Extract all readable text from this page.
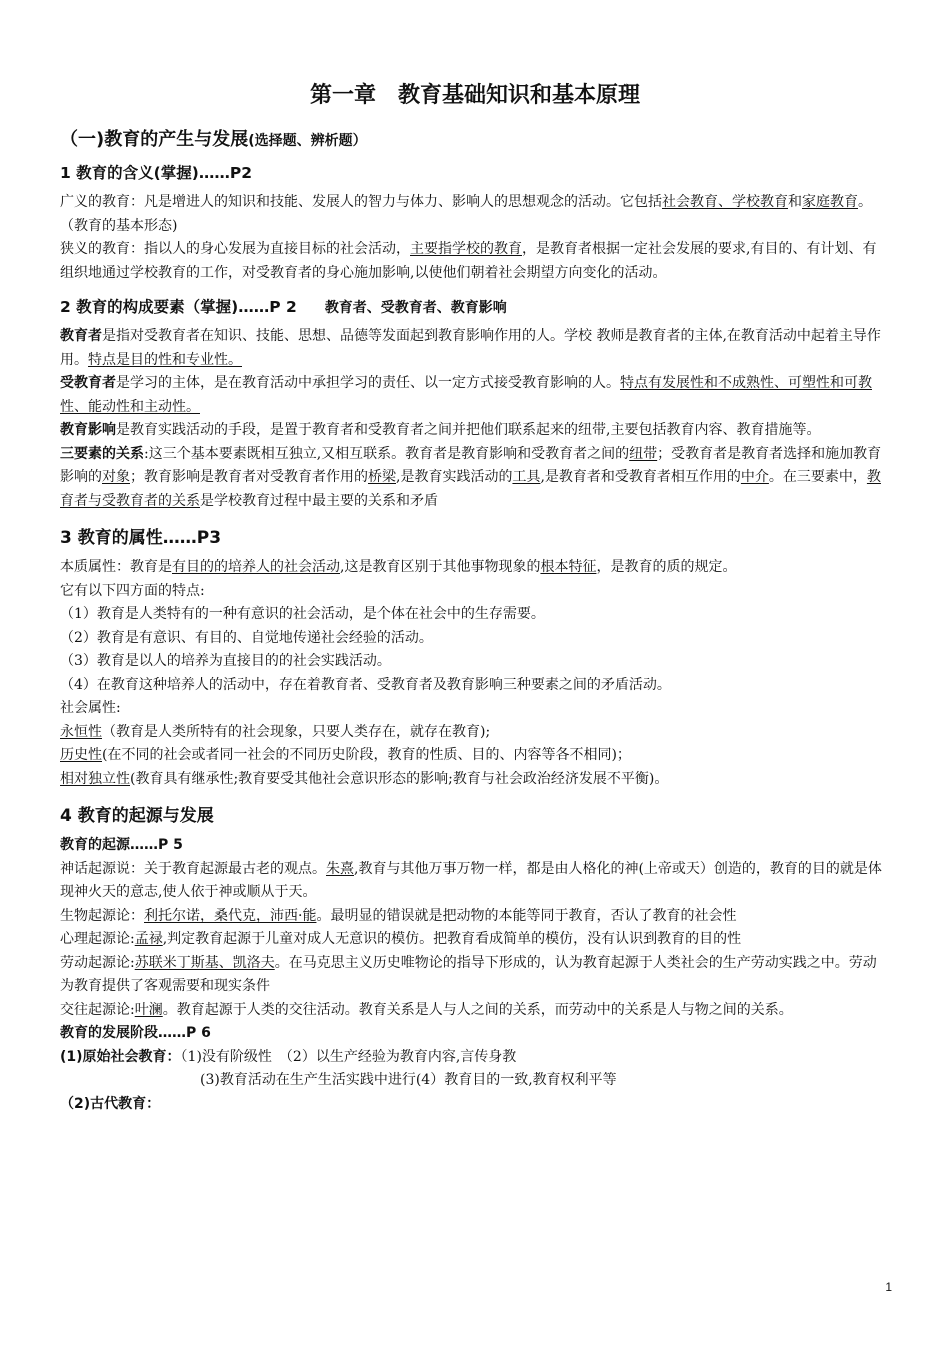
第一章　教育基础知识和基本原理
（一)教育的产生与发展(选择题、辨析题）
1 教育的含义(掌握)……P2

广义的教育：凡是增进人的知识和技能、发展人的智力与体力、影响人的思想观念的活动。它包括社会教育、学校教育和家庭教育。（教育的基本形态)

狭义的教育：指以人的身心发展为直接目标的社会活动，主要指学校的教育，是教育者根据一定社会发展的要求,有目的、有计划、有组织地通过学校教育的工作，对受教育者的身心施加影响,以使他们朝着社会期望方向变化的活动。

2 教育的构成要素（掌握)……P 2 教育者、受教育者、教育影响

教育者是指对受教育者在知识、技能、思想、品德等发面起到教育影响作用的人。学校 教师是教育者的主体,在教育活动中起着主导作用。特点是目的性和专业性。

受教育者是学习的主体，是在教育活动中承担学习的责任、以一定方式接受教育影响的人。特点有发展性和不成熟性、可塑性和可教性、能动性和主动性。

教育影响是教育实践活动的手段，是置于教育者和受教育者之间并把他们联系起来的纽带,主要包括教育内容、教育措施等。

三要素的关系:这三个基本要素既相互独立,又相互联系。教育者是教育影响和受教育者之间的纽带；受教育者是教育者选择和施加教育影响的对象；教育影响是教育者对受教育者作用的桥梁,是教育实践活动的工具,是教育者和受教育者相互作用的中介。在三要素中，教育者与受教育者的关系是学校教育过程中最主要的关系和矛盾

3 教育的属性……P3

本质属性：教育是有目的的培养人的社会活动,这是教育区别于其他事物现象的根本特征，是教育的质的规定。

它有以下四方面的特点:

（1）教育是人类特有的一种有意识的社会活动，是个体在社会中的生存需要。

（2）教育是有意识、有目的、自觉地传递社会经验的活动。

（3）教育是以人的培养为直接目的的社会实践活动。

（4）在教育这种培养人的活动中，存在着教育者、受教育者及教育影响三种要素之间的矛盾活动。

社会属性:

永恒性（教育是人类所特有的社会现象，只要人类存在，就存在教育);

历史性(在不同的社会或者同一社会的不同历史阶段，教育的性质、目的、内容等各不相同)；

相对独立性(教育具有继承性;教育要受其他社会意识形态的影响;教育与社会政治经济发展不平衡)。

4 教育的起源与发展

教育的起源……P 5

神话起源说：关于教育起源最古老的观点。朱熹,教育与其他万事万物一样，都是由人格化的神(上帝或天）创造的，教育的目的就是体现神火天的意志,使人依于神或顺从于天。

生物起源论：利托尔诺，桑代克，沛西·能。最明显的错误就是把动物的本能等同于教育，否认了教育的社会性

心理起源论:孟禄,判定教育起源于儿童对成人无意识的模仿。把教育看成简单的模仿，没有认识到教育的目的性

劳动起源论:苏联米丁斯基、凯洛夫。在马克思主义历史唯物论的指导下形成的，认为教育起源于人类社会的生产劳动实践之中。劳动为教育提供了客观需要和现实条件

交往起源论:叶澜。教育起源于人类的交往活动。教育关系是人与人之间的关系，而劳动中的关系是人与物之间的关系。

教育的发展阶段……P 6

(1)原始社会教育：（1)没有阶级性　（2）以生产经验为教育内容,言传身教

(3)教育活动在生产生活实践中进行(4）教育目的一致,教育权利平等

（2)古代教育：

1
